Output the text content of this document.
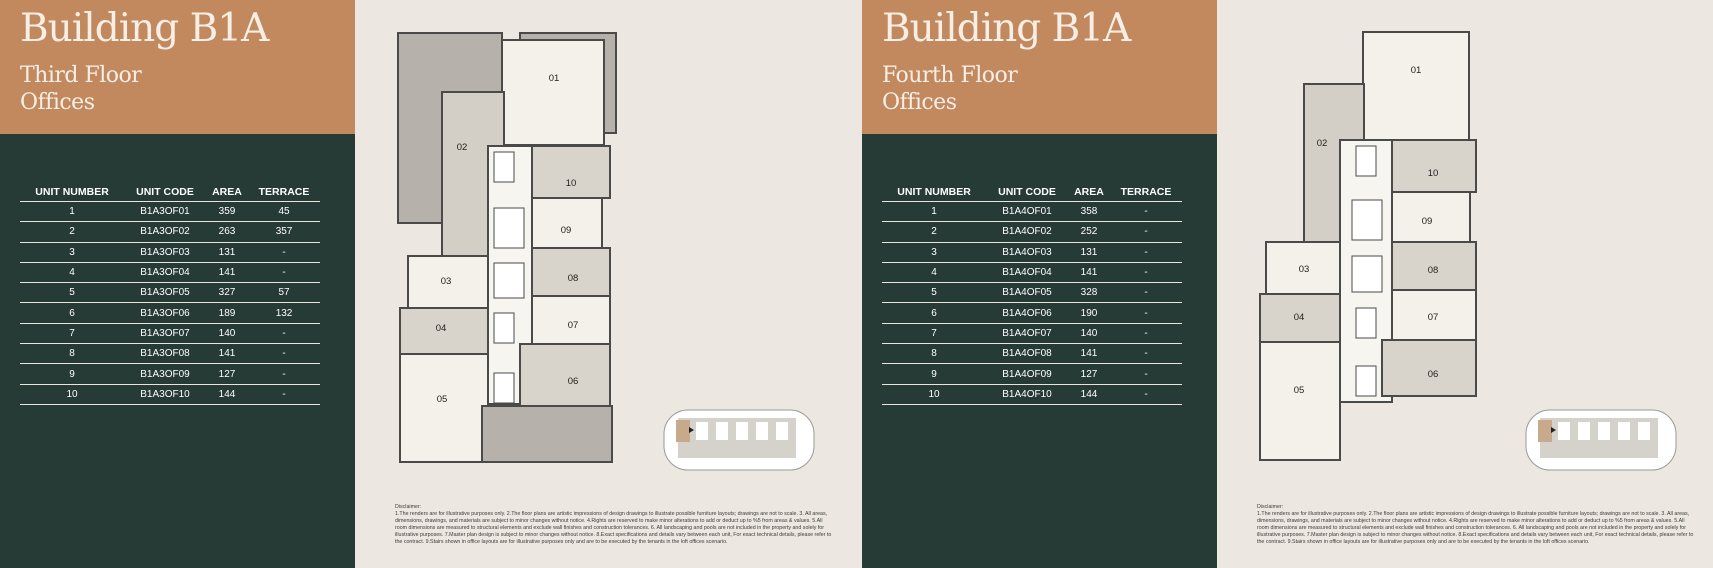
Building B1A
Third Floor
Offices
UNIT NUMBER	UNIT CODE	AREA	TERRACE
1	B1A3OF01	359	45
2	B1A3OF02	263	357
3	B1A3OF03	131	-
4	B1A3OF04	141	-
5	B1A3OF05	327	57
6	B1A3OF06	189	132
7	B1A3OF07	140	-
8	B1A3OF08	141	-
9	B1A3OF09	127	-
10	B1A3OF10	144	-
01
02
03
04
05
06
07
08
09
10
Disclaimer:
1.The renders are for illustrative purposes only. 2.The floor plans are artistic impressions of design drawings to illustrate possible furniture layouts; drawings are not to scale. 3. All areas, dimensions, drawings, and materials are subject to minor changes without notice. 4.Rights are reserved to make minor alterations to add or deduct up to %5 from areas & values. 5.All room dimensions are measured to structural elements and exclude wall finishes and construction tolerances. 6. All landscaping and pools are not included in the property and solely for illustrative purposes. 7.Master plan design is subject to minor changes without notice. 8.Exact specifications and details vary between each unit, For exact technical details, please refer to the contract. 9.Stairs shown in office layouts are for illustrative purposes only and are to be executed by the tenants in the loft offices scenario.
Building B1A
Fourth Floor
Offices
UNIT NUMBER	UNIT CODE	AREA	TERRACE
1	B1A4OF01	358	-
2	B1A4OF02	252	-
3	B1A4OF03	131	-
4	B1A4OF04	141	-
5	B1A4OF05	328	-
6	B1A4OF06	190	-
7	B1A4OF07	140	-
8	B1A4OF08	141	-
9	B1A4OF09	127	-
10	B1A4OF10	144	-
01
02
03
04
05
06
07
08
09
10
Disclaimer:
1.The renders are for illustrative purposes only. 2.The floor plans are artistic impressions of design drawings to illustrate possible furniture layouts; drawings are not to scale. 3. All areas, dimensions, drawings, and materials are subject to minor changes without notice. 4.Rights are reserved to make minor alterations to add or deduct up to %5 from areas & values. 5.All room dimensions are measured to structural elements and exclude wall finishes and construction tolerances. 6. All landscaping and pools are not included in the property and solely for illustrative purposes. 7.Master plan design is subject to minor changes without notice. 8.Exact specifications and details vary between each unit, For exact technical details, please refer to the contract. 9.Stairs shown in office layouts are for illustrative purposes only and are to be executed by the tenants in the loft offices scenario.
